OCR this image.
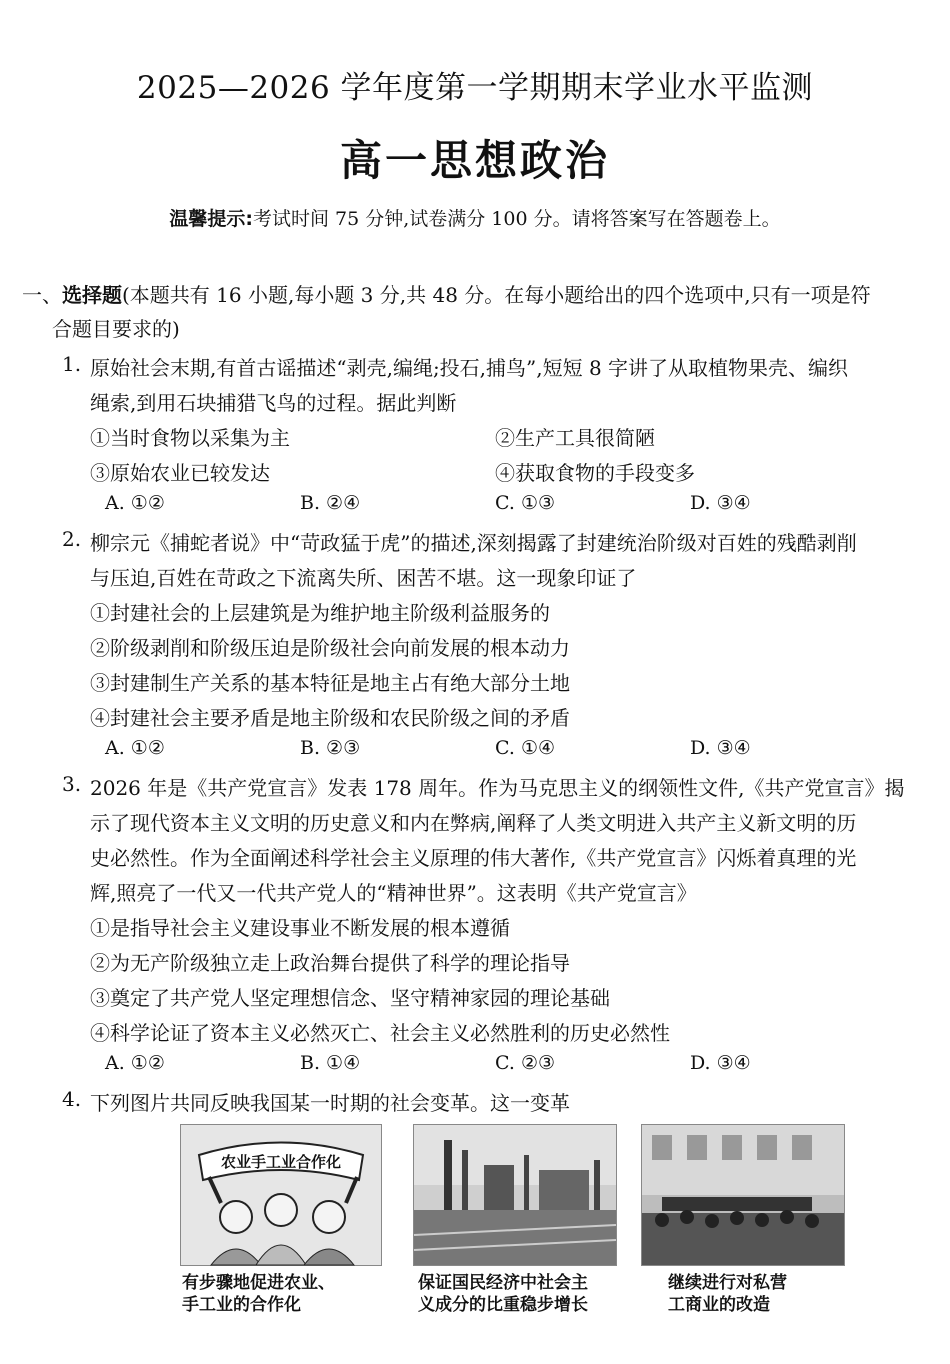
2025—2026 学年度第一学期期末学业水平监测
高一思想政治
温馨提示:考试时间 75 分钟,试卷满分 100 分。请将答案写在答题卷上。
一、选择题(本题共有 16 小题,每小题 3 分,共 48 分。在每小题给出的四个选项中,只有一项是符
合题目要求的)
1. 原始社会末期,有首古谣描述“剥壳,编绳;投石,捕鸟”,短短 8 字讲了从取植物果壳、编织
绳索,到用石块捕猎飞鸟的过程。据此判断
①当时食物以采集为主	②生产工具很简陋
③原始农业已较发达	④获取食物的手段变多
A. ①②	B. ②④	C. ①③	D. ③④
2. 柳宗元《捕蛇者说》中“苛政猛于虎”的描述,深刻揭露了封建统治阶级对百姓的残酷剥削
与压迫,百姓在苛政之下流离失所、困苦不堪。这一现象印证了
①封建社会的上层建筑是为维护地主阶级利益服务的
②阶级剥削和阶级压迫是阶级社会向前发展的根本动力
③封建制生产关系的基本特征是地主占有绝大部分土地
④封建社会主要矛盾是地主阶级和农民阶级之间的矛盾
A. ①②	B. ②③	C. ①④	D. ③④
3. 2026 年是《共产党宣言》发表 178 周年。作为马克思主义的纲领性文件,《共产党宣言》揭
示了现代资本主义文明的历史意义和内在弊病,阐释了人类文明进入共产主义新文明的历
史必然性。作为全面阐述科学社会主义原理的伟大著作,《共产党宣言》闪烁着真理的光
辉,照亮了一代又一代共产党人的“精神世界”。这表明《共产党宣言》
①是指导社会主义建设事业不断发展的根本遵循
②为无产阶级独立走上政治舞台提供了科学的理论指导
③奠定了共产党人坚定理想信念、坚守精神家园的理论基础
④科学论证了资本主义必然灭亡、社会主义必然胜利的历史必然性
A. ①②	B. ①④	C. ②③	D. ③④
4. 下列图片共同反映我国某一时期的社会变革。这一变革
农业手工业合作化
有步骤地促进农业、	保证国民经济中社会主	继续进行对私营
手工业的合作化	义成分的比重稳步增长	工商业的改造
